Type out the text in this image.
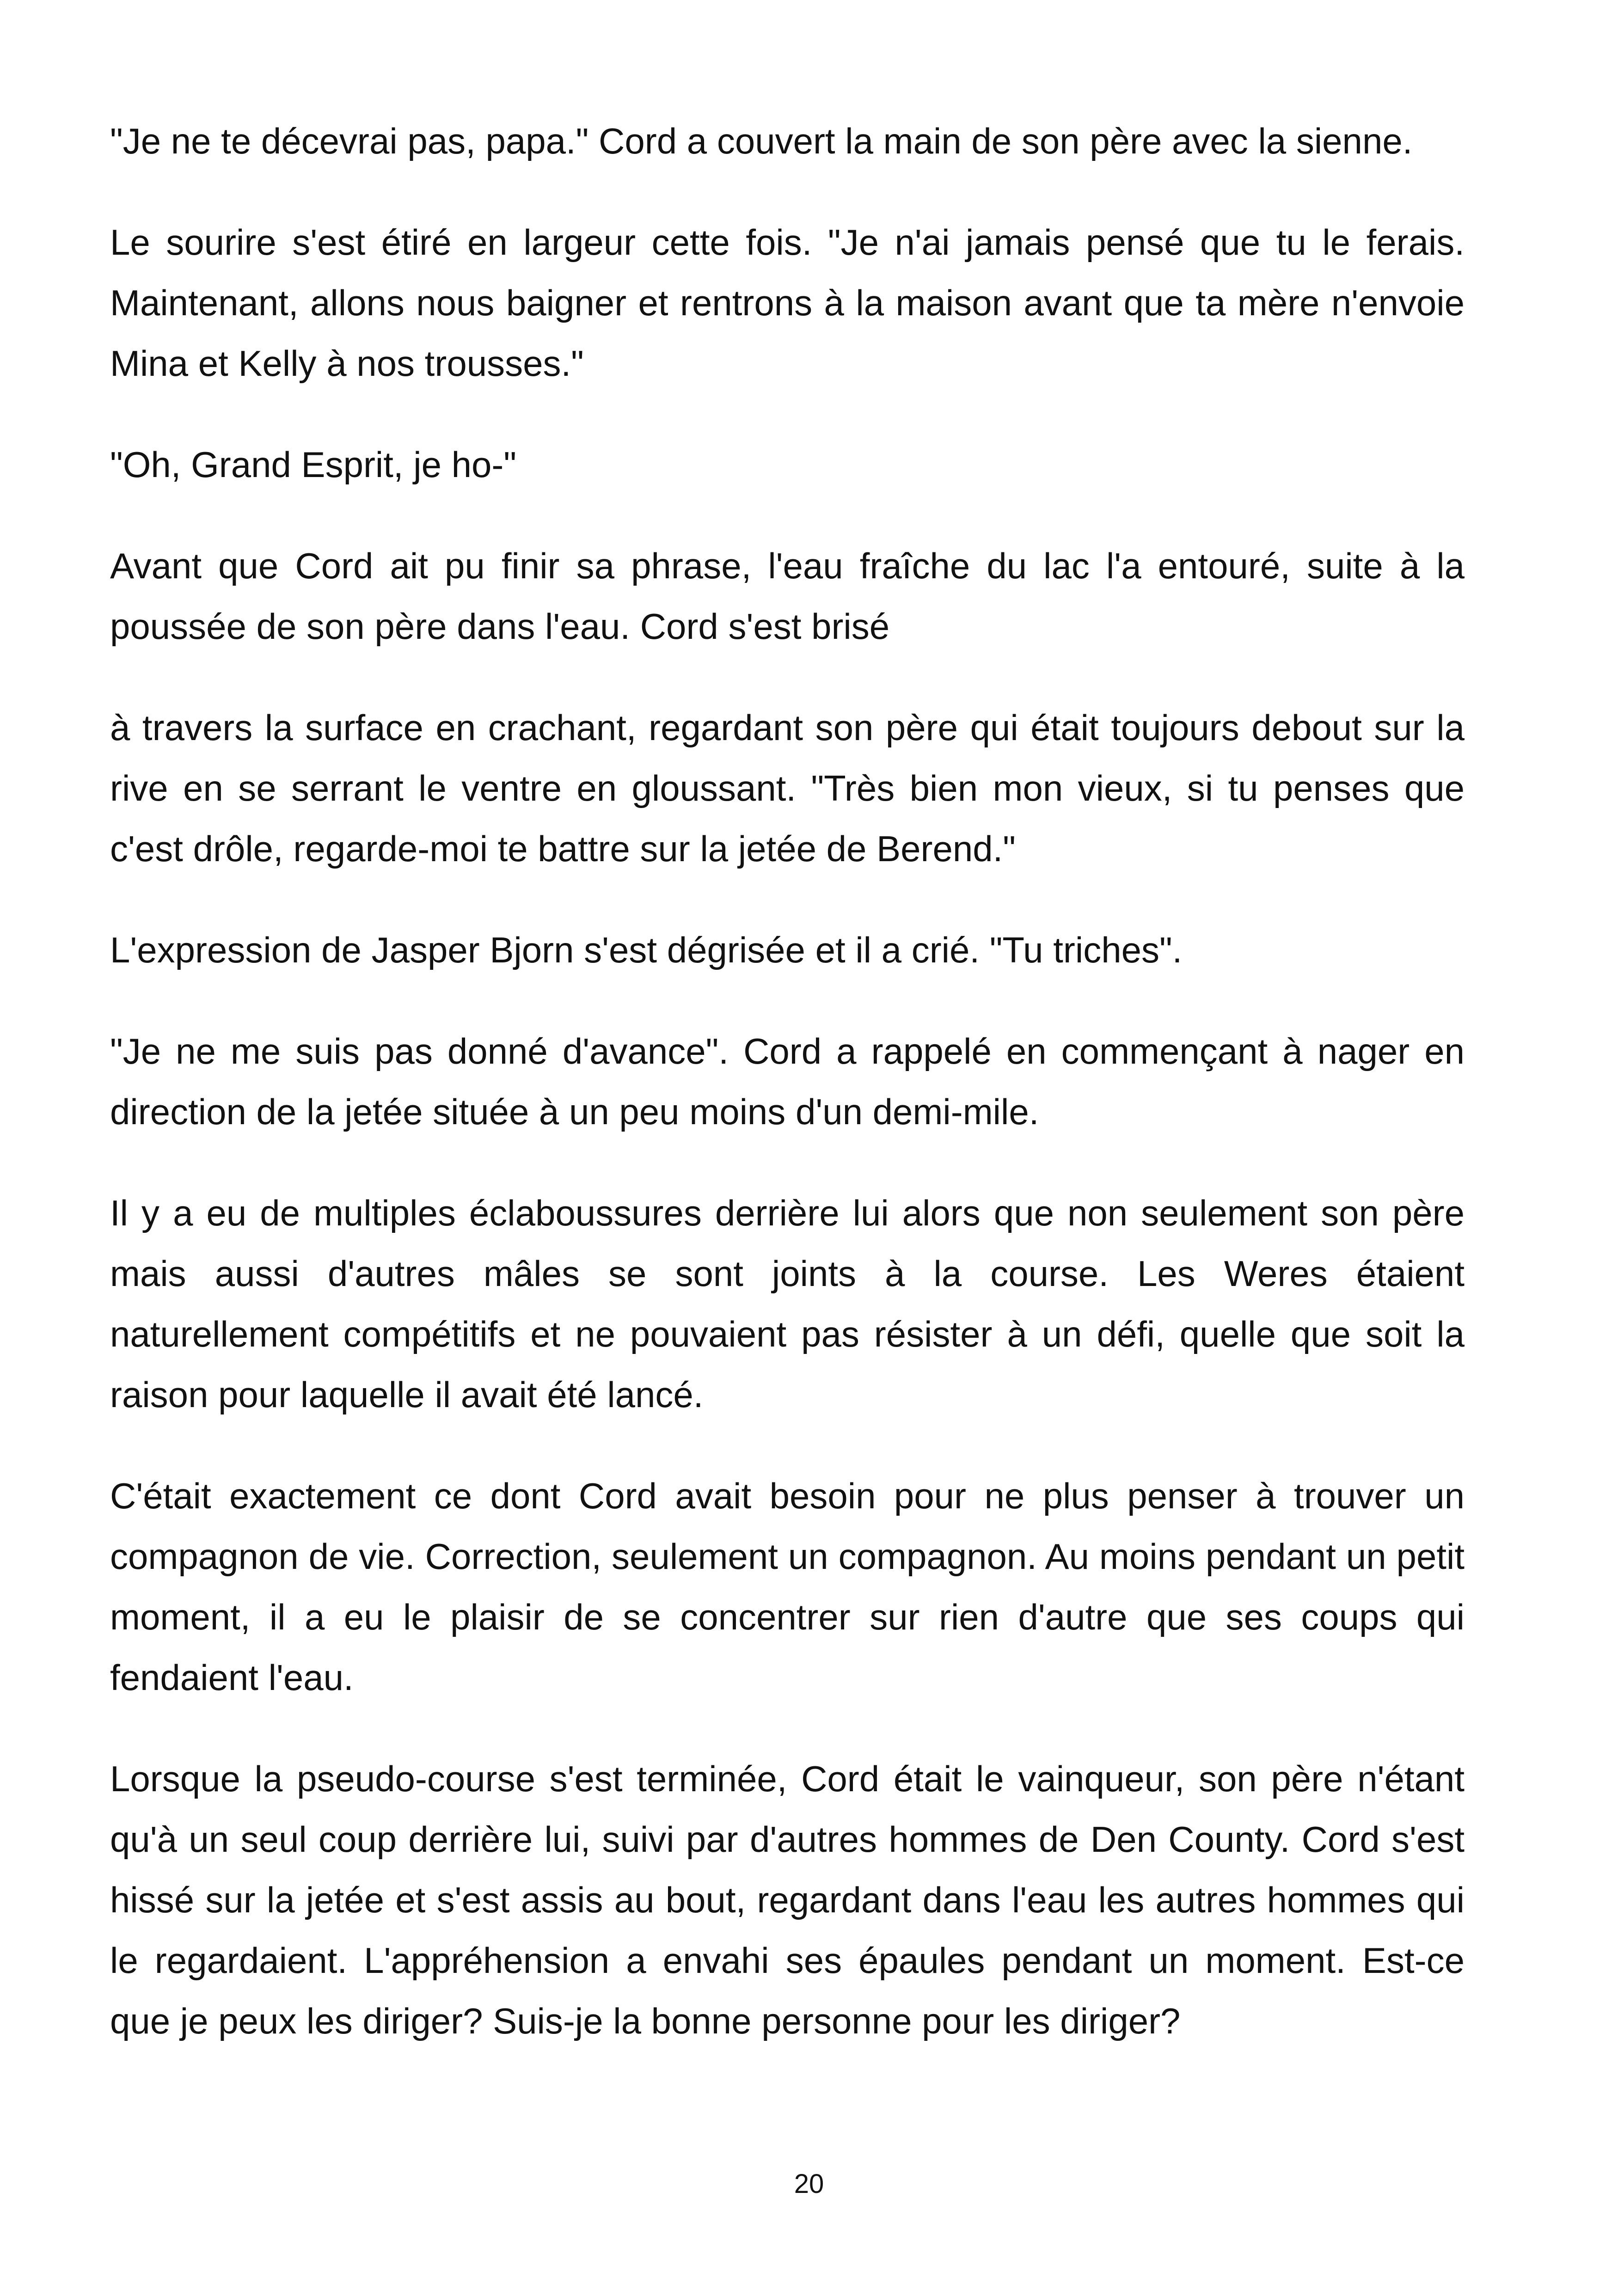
"Je ne te décevrai pas, papa." Cord a couvert la main de son père avec la sienne.

Le sourire s'est étiré en largeur cette fois. "Je n'ai jamais pensé que tu le ferais. Maintenant, allons nous baigner et rentrons à la maison avant que ta mère n'envoie Mina et Kelly à nos trousses."

"Oh, Grand Esprit, je ho-"

Avant que Cord ait pu finir sa phrase, l'eau fraîche du lac l'a entouré, suite à la poussée de son père dans l'eau. Cord s'est brisé

à travers la surface en crachant, regardant son père qui était toujours debout sur la rive en se serrant le ventre en gloussant. "Très bien mon vieux, si tu penses que c'est drôle, regarde-moi te battre sur la jetée de Berend."

L'expression de Jasper Bjorn s'est dégrisée et il a crié. "Tu triches".

"Je ne me suis pas donné d'avance". Cord a rappelé en commençant à nager en direction de la jetée située à un peu moins d'un demi-mile.

Il y a eu de multiples éclaboussures derrière lui alors que non seulement son père mais aussi d'autres mâles se sont joints à la course. Les Weres étaient naturellement compétitifs et ne pouvaient pas résister à un défi, quelle que soit la raison pour laquelle il avait été lancé.

C'était exactement ce dont Cord avait besoin pour ne plus penser à trouver un compagnon de vie. Correction, seulement un compagnon. Au moins pendant un petit moment, il a eu le plaisir de se concentrer sur rien d'autre que ses coups qui fendaient l'eau.

Lorsque la pseudo-course s'est terminée, Cord était le vainqueur, son père n'étant qu'à un seul coup derrière lui, suivi par d'autres hommes de Den County. Cord s'est hissé sur la jetée et s'est assis au bout, regardant dans l'eau les autres hommes qui le regardaient. L'appréhension a envahi ses épaules pendant un moment. Est-ce que je peux les diriger? Suis-je la bonne personne pour les diriger?

20
